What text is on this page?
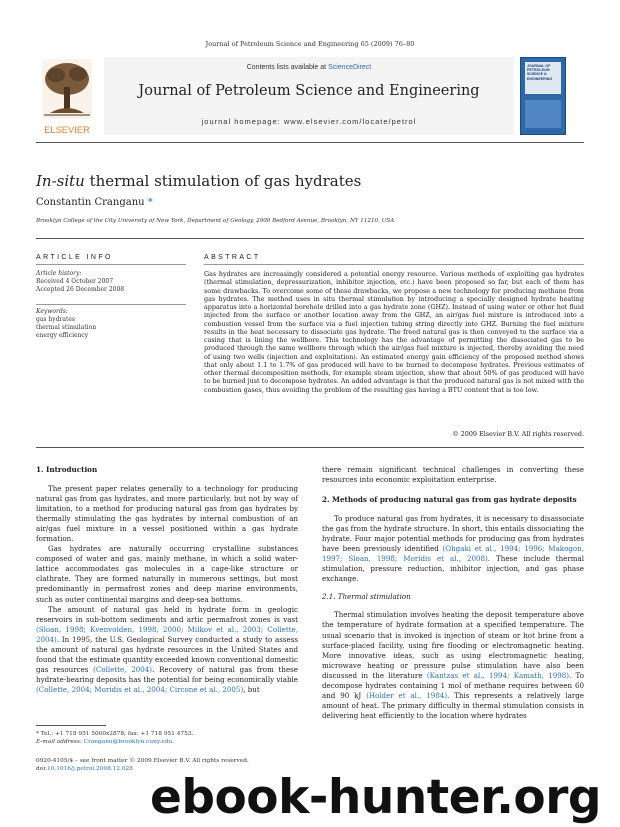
Journal of Petroleum Science and Engineering 65 (2009) 76–80
ELSEVIER
Contents lists available at ScienceDirect
Journal of Petroleum Science and Engineering
journal homepage: www.elsevier.com/locate/petrol
JOURNAL OF PETROLEUM SCIENCE & ENGINEERING
In-situ thermal stimulation of gas hydrates
Constantin Cranganu *
Brooklyn College of the City University of New York, Department of Geology, 2900 Bedford Avenue, Brooklyn, NY 11210, USA
ARTICLE INFO
Article history:
Received 4 October 2007
Accepted 26 December 2008
Keywords:
gas hydrates
thermal stimulation
energy efficiency
ABSTRACT
Gas hydrates are increasingly considered a potential energy resource. Various methods of exploiting gas hydrates (thermal stimulation, depressurization, inhibitor injection, etc.) have been proposed so far, but each of them has some drawbacks. To overcome some of these drawbacks, we propose a new technology for producing methane from gas hydrates. The method uses in situ thermal stimulation by introducing a specially designed hydrate heating apparatus into a horizontal borehole drilled into a gas hydrate zone (GHZ). Instead of using water or other hot fluid injected from the surface or another location away from the GHZ, an air/gas fuel mixture is introduced into a combustion vessel from the surface via a fuel injection tubing string directly into GHZ. Burning the fuel mixture results in the heat necessary to dissociate gas hydrate. The freed natural gas is then conveyed to the surface via a casing that is lining the wellbore. This technology has the advantage of permitting the dissociated gas to be produced through the same wellbore through which the air/gas fuel mixture is injected, thereby avoiding the need of using two wells (injection and exploitation). An estimated energy gain efficiency of the proposed method shows that only about 1.1 to 1.7% of gas produced will have to be burned to decompose hydrates. Previous estimates of other thermal decomposition methods, for example steam injection, show that about 50% of gas produced will have to be burned just to decompose hydrates. An added advantage is that the produced natural gas is not mixed with the combustion gases, thus avoiding the problem of the resulting gas having a BTU content that is too low.
© 2009 Elsevier B.V. All rights reserved.
1. Introduction

The present paper relates generally to a technology for producing natural gas from gas hydrates, and more particularly, but not by way of limitation, to a method for producing natural gas from gas hydrates by thermally stimulating the gas hydrates by internal combustion of an air/gas fuel mixture in a vessel positioned within a gas hydrate formation.

Gas hydrates are naturally occurring crystalline substances composed of water and gas, mainly methane, in which a solid water-lattice accommodates gas molecules in a cage-like structure or clathrate. They are formed naturally in numerous settings, but most predominantly in permafrost zones and deep marine environments, such as outer continental margins and deep-sea bottoms.

The amount of natural gas held in hydrate form in geologic reservoirs in sub-bottom sediments and artic permafrost zones is vast (Sloan, 1998; Kvenvolden, 1998, 2000; Milkov et al., 2003; Collette, 2004). In 1995, the U.S. Geological Survey conducted a study to assess the amount of natural gas hydrate resources in the United States and found that the estimate quantity exceeded known conventional domestic gas resources (Collette, 2004). Recovery of natural gas from these hydrate-bearing deposits has the potential for being economically viable (Collette, 2004; Moridis et al., 2004; Circone et al., 2005), but

there remain significant technical challenges in converting these resources into economic exploitation enterprise.

2. Methods of producing natural gas from gas hydrate deposits

To produce natural gas from hydrates, it is necessary to disassociate the gas from the hydrate structure. In short, this entails dissociating the hydrate. Four major potential methods for producing gas from hydrates have been previously identified (Ohgaki et al., 1994; 1996; Makogon, 1997; Sloan, 1998; Moridis et al., 2008). These include thermal stimulation, pressure reduction, inhibitor injection, and gas phase exchange.

2.1. Thermal stimulation

Thermal stimulation involves heating the deposit temperature above the temperature of hydrate formation at a specified temperature. The usual scenario that is invoked is injection of steam or hot brine from a surface-placed facility, using fire flooding or electromagnetic heating. More innovative ideas, such as using electromagnetic heating, microwave heating or pressure pulse stimulation have also been discussed in the literature (Kantzas et al., 1994; Kamath, 1998). To decompose hydrates containing 1 mol of methane requires between 60 and 90 kJ (Holder et al., 1984). This represents a relatively large amount of heat. The primary difficulty in thermal stimulation consists in delivering heat efficiently to the location where hydrates

* Tel.: +1 718 951 5000x2878; fax: +1 718 951 4753.
E-mail address: Cranganu@brooklyn.cuny.edu.
0920-4105/$ – see front matter © 2009 Elsevier B.V. All rights reserved.
doi:10.1016/j.petrol.2008.12.028
ebook-hunter.org
